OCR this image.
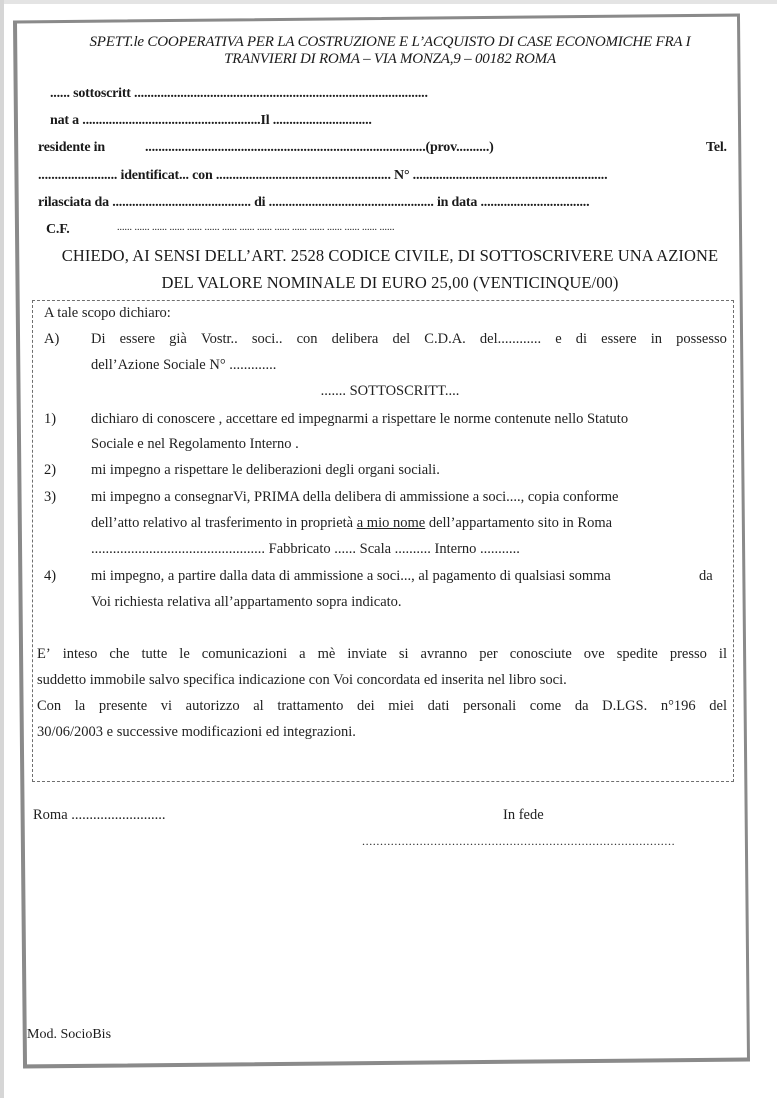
SPETT.le COOPERATIVA PER LA COSTRUZIONE E L’ACQUISTO DI CASE ECONOMICHE FRA I
TRANVIERI DI ROMA – VIA MONZA,9 – 00182 ROMA
...... sottoscritt .........................................................................................
nat a ......................................................Il ..............................
residente in	.....................................................................................(prov..........)	Tel.
........................ identificat... con ..................................................... N° ...........................................................
rilasciata da .......................................... di .................................................. in data .................................
C.F.	...... ...... ...... ...... ...... ...... ...... ...... ...... ...... ...... ...... ...... ...... ...... ......
CHIEDO, AI SENSI DELL’ART. 2528 CODICE CIVILE, DI SOTTOSCRIVERE UNA AZIONE
DEL VALORE NOMINALE DI EURO 25,00 (VENTICINQUE/00)
A tale scopo dichiaro:
A) Di essere già Vostr.. soci.. con delibera del C.D.A. del............ e di essere in possesso
dell’Azione Sociale N° .............
....... SOTTOSCRITT....
1) dichiaro di conoscere , accettare ed impegnarmi a rispettare le norme contenute nello Statuto
Sociale e nel Regolamento Interno .
2) mi impegno a rispettare le deliberazioni degli organi sociali.
3) mi impegno a consegnarVi, PRIMA della delibera di ammissione a soci...., copia conforme
dell’atto relativo al trasferimento in proprietà a mio nome dell’appartamento sito in Roma
................................................ Fabbricato ...... Scala .......... Interno ...........
4) mi impegno, a partire dalla data di ammissione a soci..., al pagamento di qualsiasi somma	da
Voi richiesta relativa all’appartamento sopra indicato.
E’ inteso che tutte le comunicazioni a mè inviate si avranno per conosciute ove spedite presso il
suddetto immobile salvo specifica indicazione con Voi concordata ed inserita nel libro soci.
Con la presente vi autorizzo al trattamento dei miei dati personali come da D.LGS. n°196 del
30/06/2003 e successive modificazioni ed integrazioni.
Roma ..........................	In fede
.......................................................................................
Mod. SocioBis
